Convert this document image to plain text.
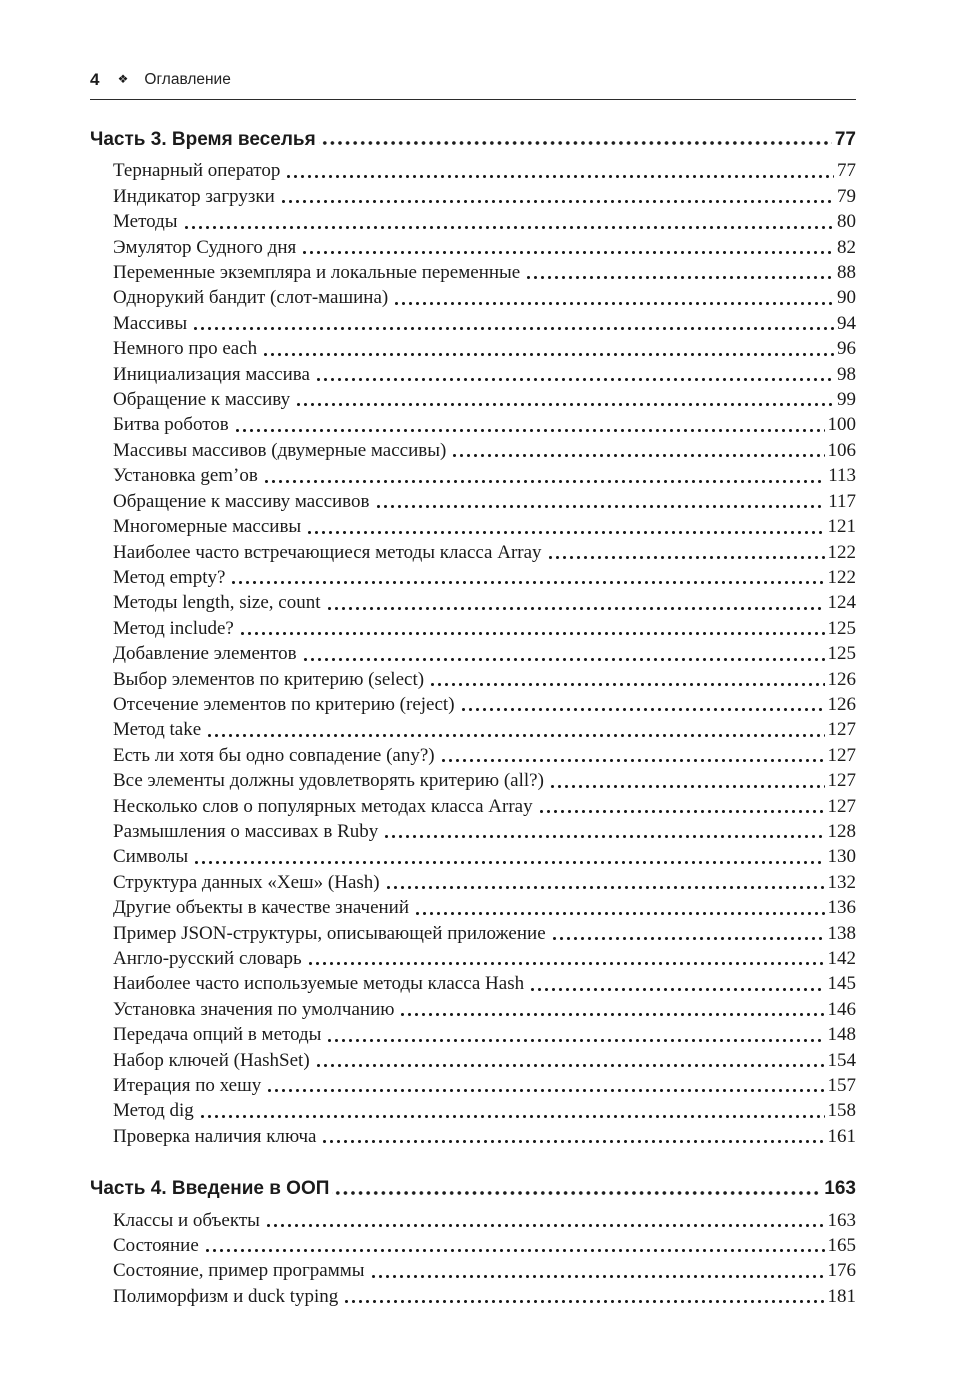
4 ❖ Оглавление
Часть 3. Время веселья	77
Тернарный оператор	77
Индикатор загрузки	79
Методы	80
Эмулятор Судного дня	82
Переменные экземпляра и локальные переменные	88
Однорукий бандит (слот-машина)	90
Массивы	94
Немного про each	96
Инициализация массива	98
Обращение к массиву	99
Битва роботов	100
Массивы массивов (двумерные массивы)	106
Установка gem’ов	113
Обращение к массиву массивов	117
Многомерные массивы	121
Наиболее часто встречающиеся методы класса Array	122
Метод empty?	122
Методы length, size, count	124
Метод include?	125
Добавление элементов	125
Выбор элементов по критерию (select)	126
Отсечение элементов по критерию (reject)	126
Метод take	127
Есть ли хотя бы одно совпадение (any?)	127
Все элементы должны удовлетворять критерию (all?)	127
Несколько слов о популярных методах класса Array	127
Размышления о массивах в Ruby	128
Символы	130
Структура данных «Хеш» (Hash)	132
Другие объекты в качестве значений	136
Пример JSON-структуры, описывающей приложение	138
Англо-русский словарь	142
Наиболее часто используемые методы класса Hash	145
Установка значения по умолчанию	146
Передача опций в методы	148
Набор ключей (HashSet)	154
Итерация по хешу	157
Метод dig	158
Проверка наличия ключа	161
Часть 4. Введение в ООП	163
Классы и объекты	163
Состояние	165
Состояние, пример программы	176
Полиморфизм и duck typing	181
